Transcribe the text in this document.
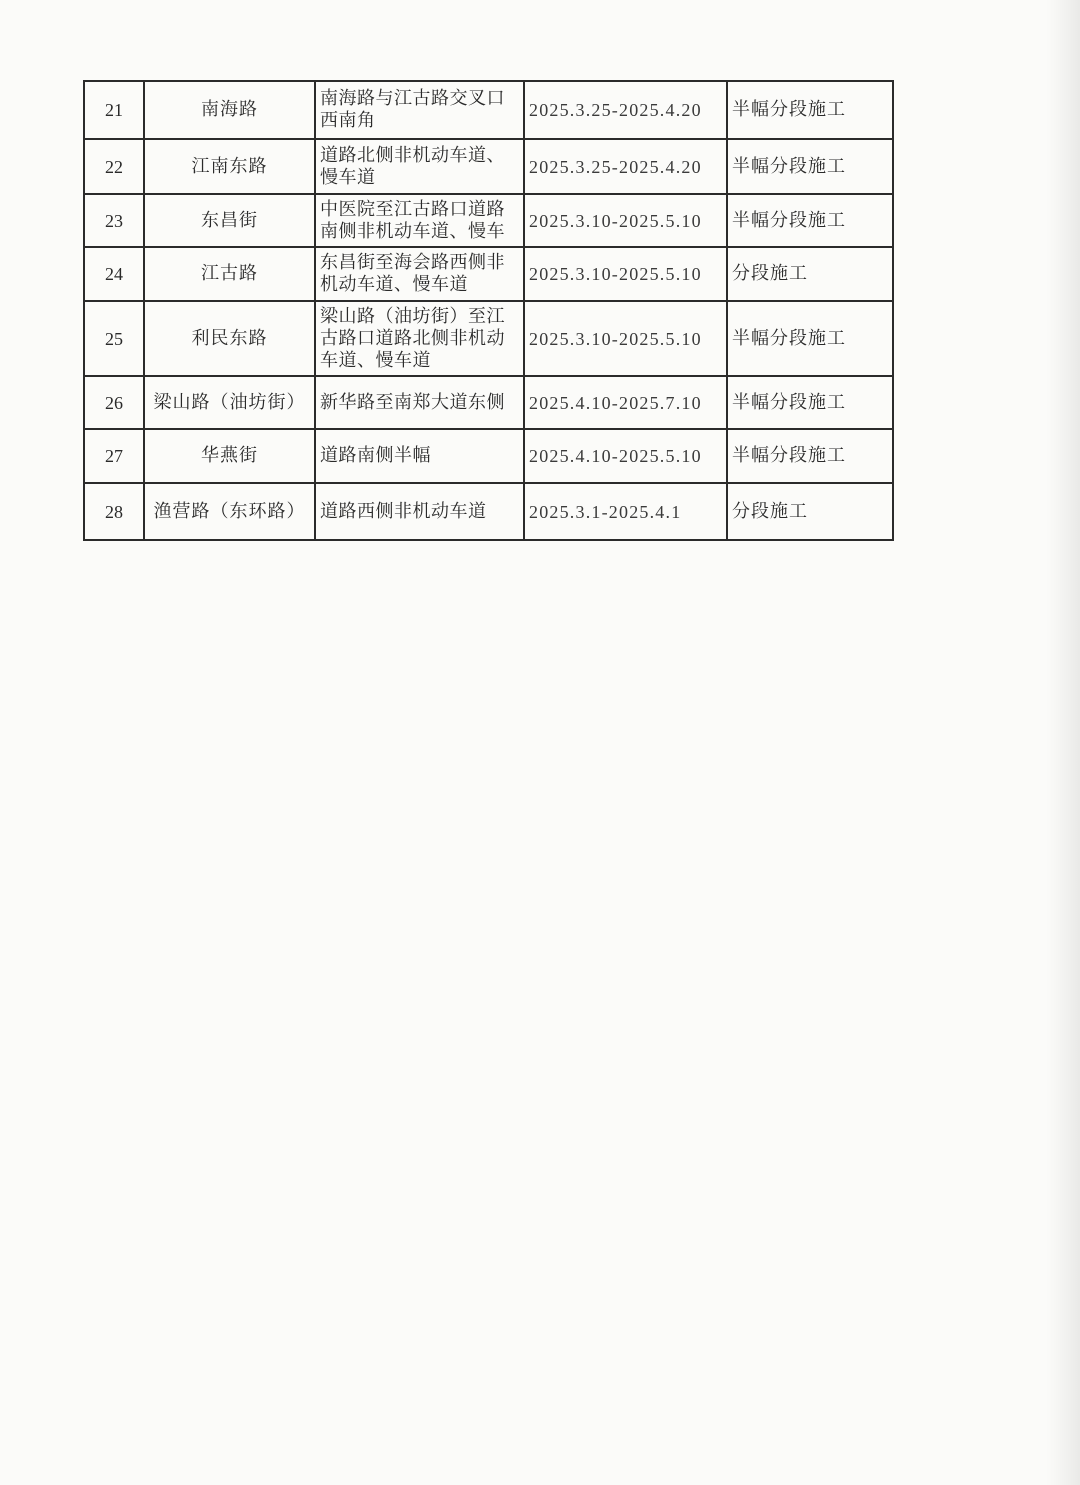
21	南海路	南海路与江古路交叉口西南角	2025.3.25-2025.4.20	半幅分段施工
22	江南东路	道路北侧非机动车道、慢车道	2025.3.25-2025.4.20	半幅分段施工
23	东昌街	中医院至江古路口道路南侧非机动车道、慢车	2025.3.10-2025.5.10	半幅分段施工
24	江古路	东昌街至海会路西侧非机动车道、慢车道	2025.3.10-2025.5.10	分段施工
25	利民东路	梁山路（油坊街）至江古路口道路北侧非机动车道、慢车道	2025.3.10-2025.5.10	半幅分段施工
26	梁山路（油坊街）	新华路至南郑大道东侧	2025.4.10-2025.7.10	半幅分段施工
27	华燕街	道路南侧半幅	2025.4.10-2025.5.10	半幅分段施工
28	渔营路（东环路）	道路西侧非机动车道	2025.3.1-2025.4.1	分段施工
